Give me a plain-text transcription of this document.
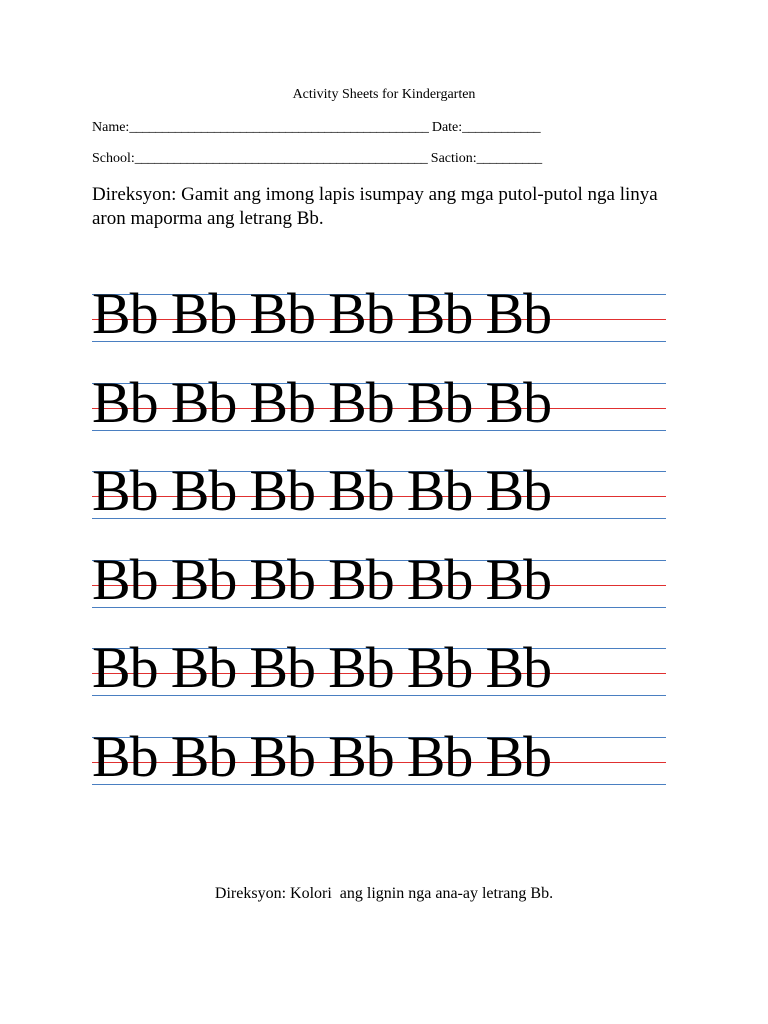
Activity Sheets for Kindergarten
Name:______________________________________________ Date:____________
School:_____________________________________________ Saction:__________
Direksyon: Gamit ang imong lapis isumpay ang mga putol-putol nga linya aron maporma ang letrang Bb.
Bb Bb Bb Bb Bb Bb
Bb Bb Bb Bb Bb Bb
Bb Bb Bb Bb Bb Bb
Bb Bb Bb Bb Bb Bb
Bb Bb Bb Bb Bb Bb
Bb Bb Bb Bb Bb Bb
Direksyon: Kolori  ang lignin nga ana-ay letrang Bb.
